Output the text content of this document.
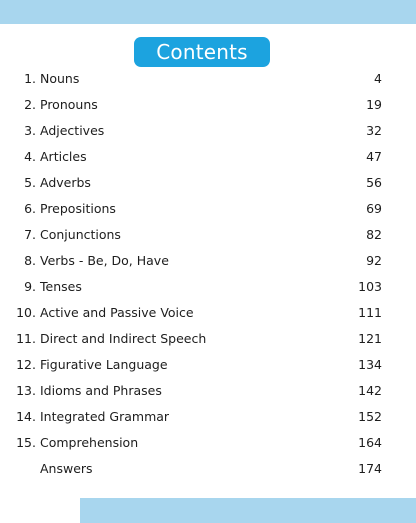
Contents
1. Nouns	4
2. Pronouns	19
3. Adjectives	32
4. Articles	47
5. Adverbs	56
6. Prepositions	69
7. Conjunctions	82
8. Verbs - Be, Do, Have	92
9. Tenses	103
10. Active and Passive Voice	111
11. Direct and Indirect Speech	121
12. Figurative Language	134
13. Idioms and Phrases	142
14. Integrated Grammar	152
15. Comprehension	164
Answers	174
